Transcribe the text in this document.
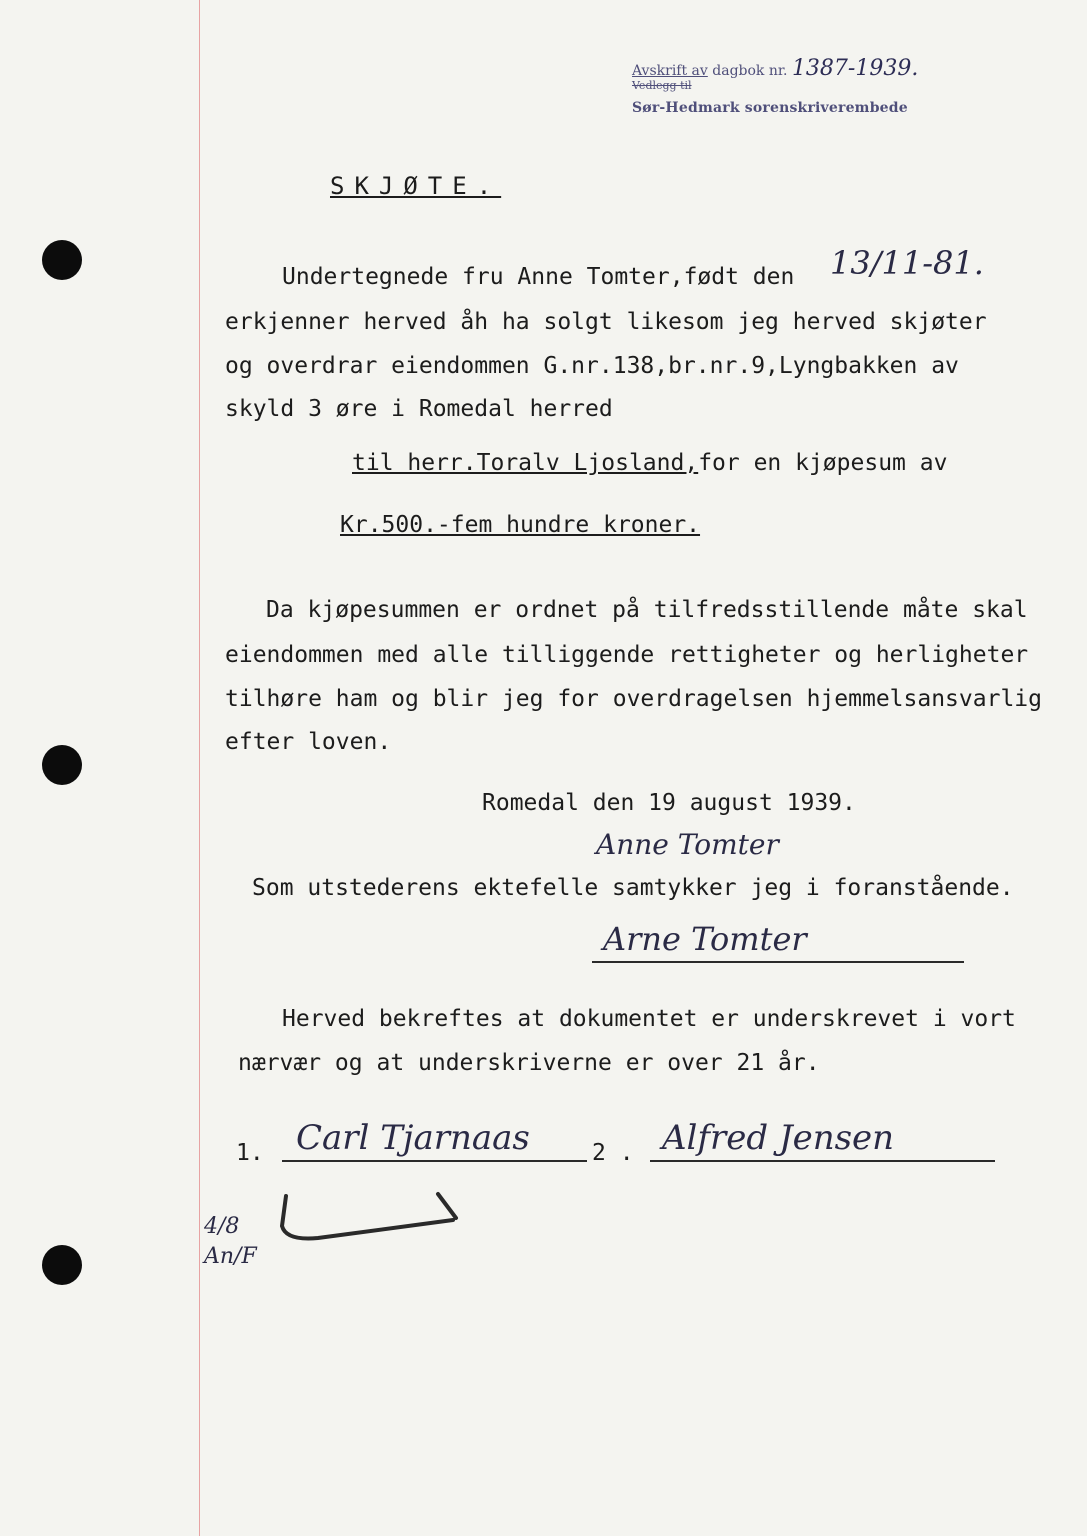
Avskrift av dagbok nr. 1387-1939.
Vedlegg til
Sør-Hedmark sorenskriverembede
SKJØTE.
Undertegnede fru Anne Tomter,født den 13/11-81.
erkjenner herved åh ha solgt likesom jeg herved skjøter
og overdrar eiendommen G.nr.138,br.nr.9,Lyngbakken av
skyld 3 øre i Romedal herred
til herr.Toralv Ljosland,for en kjøpesum av
Kr.500.-fem hundre kroner.
Da kjøpesummen er ordnet på tilfredsstillende måte skal
eiendommen med alle tilliggende rettigheter og herligheter
tilhøre ham og blir jeg for overdragelsen hjemmelsansvarlig
efter loven.
Romedal den 19 august 1939.
Anne Tomter
Som utstederens ektefelle samtykker jeg i foranstående.
Arne Tomter
Herved bekreftes at dokumentet er underskrevet i vort
nærvær og at underskriverne er over 21 år.
1. Carl Tjarnaas	2 . Alfred Jensen
4/8 An/F
